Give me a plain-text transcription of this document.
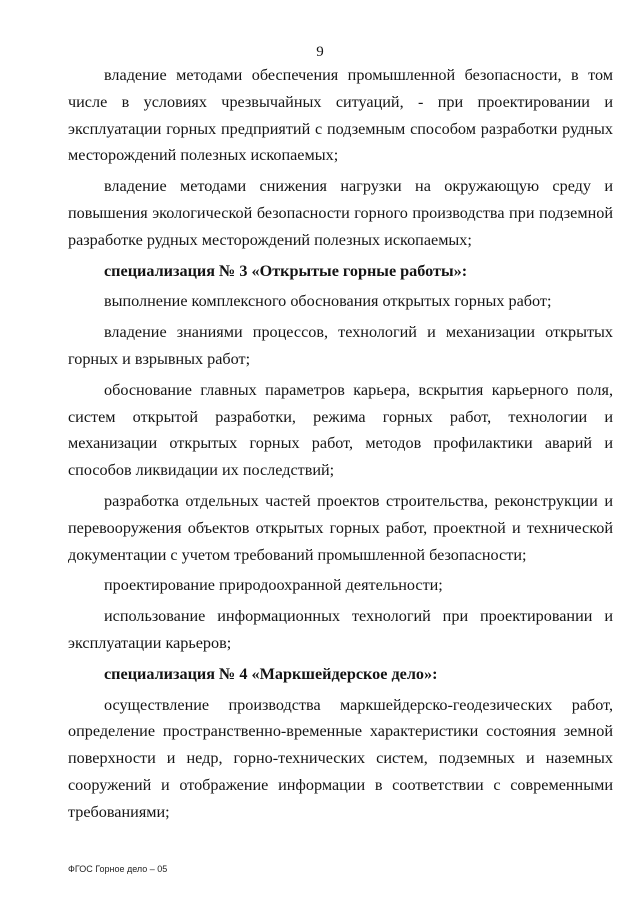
9

владение методами обеспечения промышленной безопасности, в том числе в условиях чрезвычайных ситуаций, - при проектировании и эксплуатации горных предприятий с подземным способом разработки рудных месторождений полезных ископаемых;

владение методами снижения нагрузки на окружающую среду и повышения экологической безопасности горного производства при подземной разработке рудных месторождений полезных ископаемых;

специализация № 3 «Открытые горные работы»:

выполнение комплексного обоснования открытых горных работ;

владение знаниями процессов, технологий и механизации открытых горных и взрывных работ;

обоснование главных параметров карьера, вскрытия карьерного поля, систем открытой разработки, режима горных работ, технологии и механизации открытых горных работ, методов профилактики аварий и способов ликвидации их последствий;

разработка отдельных частей проектов строительства, реконструкции и перевооружения объектов открытых горных работ, проектной и технической документации с учетом требований промышленной безопасности;

проектирование природоохранной деятельности;

использование информационных технологий при проектировании и эксплуатации карьеров;

специализация № 4 «Маркшейдерское дело»:

осуществление производства маркшейдерско-геодезических работ, определение пространственно-временные характеристики состояния земной поверхности и недр, горно-технических систем, подземных и наземных сооружений и отображение информации в соответствии с современными требованиями;

ФГОС Горное дело – 05
